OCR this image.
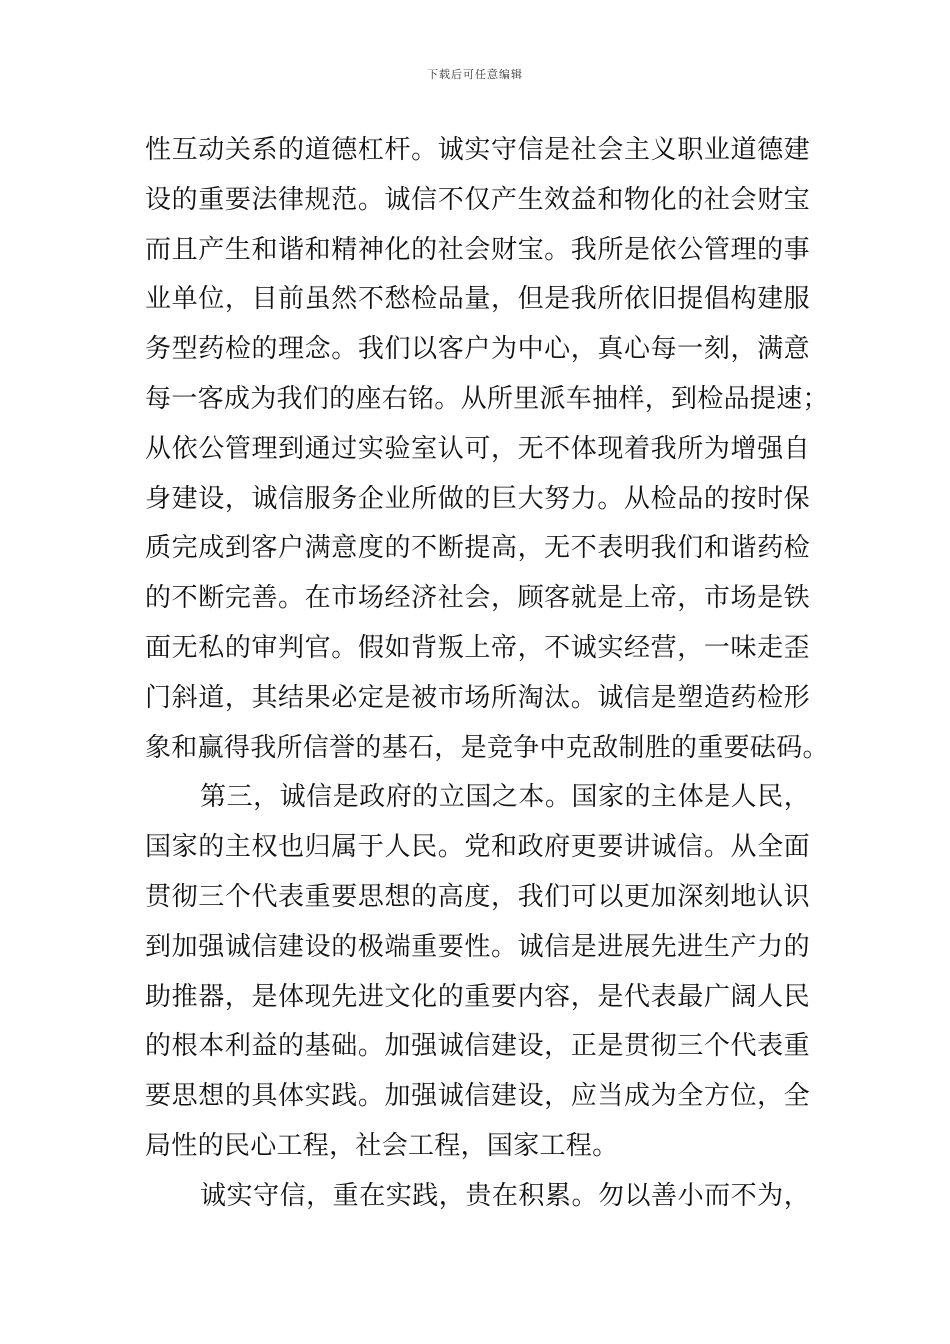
下载后可任意编辑
性互动关系的道德杠杆。诚实守信是社会主义职业道德建
设的重要法律规范。诚信不仅产生效益和物化的社会财宝
而且产生和谐和精神化的社会财宝。我所是依公管理的事
业单位，目前虽然不愁检品量，但是我所依旧提倡构建服
务型药检的理念。我们以客户为中心，真心每一刻，满意
每一客成为我们的座右铭。从所里派车抽样，到检品提速；
从依公管理到通过实验室认可，无不体现着我所为增强自
身建设，诚信服务企业所做的巨大努力。从检品的按时保
质完成到客户满意度的不断提高，无不表明我们和谐药检
的不断完善。在市场经济社会，顾客就是上帝，市场是铁
面无私的审判官。假如背叛上帝，不诚实经营，一味走歪
门斜道，其结果必定是被市场所淘汰。诚信是塑造药检形
象和赢得我所信誉的基石，是竞争中克敌制胜的重要砝码。
第三，诚信是政府的立国之本。国家的主体是人民，
国家的主权也归属于人民。党和政府更要讲诚信。从全面
贯彻三个代表重要思想的高度，我们可以更加深刻地认识
到加强诚信建设的极端重要性。诚信是进展先进生产力的
助推器，是体现先进文化的重要内容，是代表最广阔人民
的根本利益的基础。加强诚信建设，正是贯彻三个代表重
要思想的具体实践。加强诚信建设，应当成为全方位，全
局性的民心工程，社会工程，国家工程。
诚实守信，重在实践，贵在积累。勿以善小而不为，
